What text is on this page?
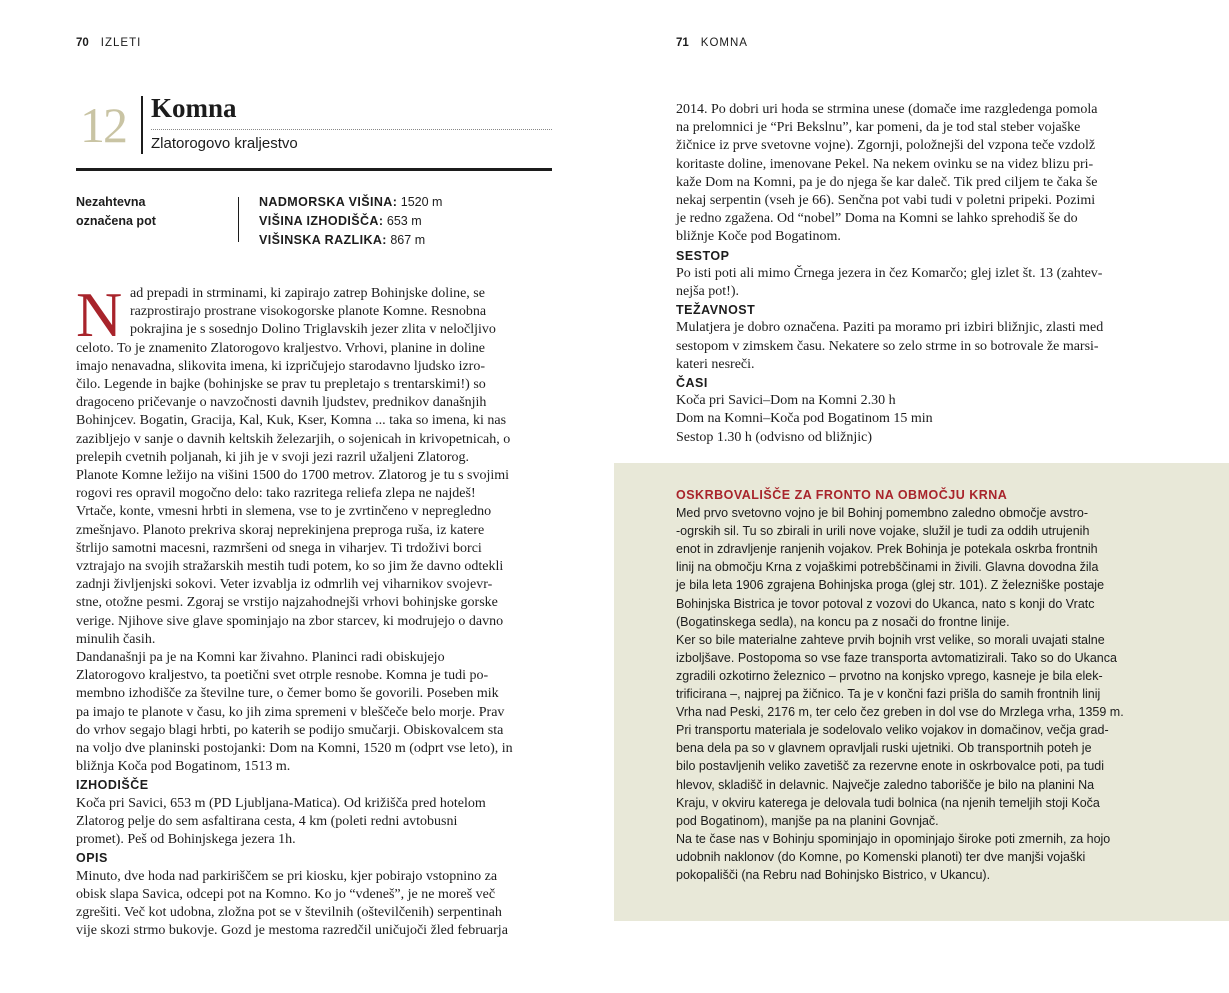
70 IZLETI
12 Komna
Zlatorogovo kraljestvo
Nezahtevna
označena pot
NADMORSKA VIŠINA: 1520 m
VIŠINA IZHODIŠČA: 653 m
VIŠINSKA RAZLIKA: 867 m
N ad prepadi in strminami, ki zapirajo zatrep Bohinjske doline, se

razprostirajo prostrane visokogorske planote Komne. Resnobna

pokrajina je s sosednjo Dolino Triglavskih jezer zlita v neločljivo

celoto. To je znamenito Zlatorogovo kraljestvo. Vrhovi, planine in doline

imajo nenavadna, slikovita imena, ki izpričujejo starodavno ljudsko izro-

čilo. Legende in bajke (bohinjske se prav tu prepletajo s trentarskimi!) so

dragoceno pričevanje o navzočnosti davnih ljudstev, prednikov današnjih

Bohinjcev. Bogatin, Gracija, Kal, Kuk, Kser, Komna ... taka so imena, ki nas

zaziblјejo v sanje o davnih keltskih železarjih, o sojenicah in krivopetnicah, o

prelepih cvetnih poljanah, ki jih je v svoji jezi razril užaljeni Zlatorog.

Planote Komne ležijo na višini 1500 do 1700 metrov. Zlatorog je tu s svojimi

rogovi res opravil mogočno delo: tako razritega reliefa zlepa ne najdeš!

Vrtače, konte, vmesni hrbti in slemena, vse to je zvrtinčeno v nepregledno

zmešnjavo. Planoto prekriva skoraj neprekinjena preproga ruša, iz katere

štrlijo samotni macesni, razmršeni od snega in viharjev. Ti trdoživi borci

vztrajajo na svojih stražarskih mestih tudi potem, ko so jim že davno odtekli

zadnji življenjski sokovi. Veter izvablja iz odmrlih vej viharnikov svojevr-

stne, otožne pesmi. Zgoraj se vrstijo najzahodnejši vrhovi bohinjske gorske

verige. Njihove sive glave spominjajo na zbor starcev, ki modrujejo o davno

minulih časih.

Dandanašnji pa je na Komni kar živahno. Planinci radi obiskujejo

Zlatorogovo kraljestvo, ta poetični svet otrple resnobe. Komna je tudi po-

membno izhodišče za številne ture, o čemer bomo še govorili. Poseben mik

pa imajo te planote v času, ko jih zima spremeni v bleščeče belo morje. Prav

do vrhov segajo blagi hrbti, po katerih se podijo smučarji. Obiskovalcem sta

na voljo dve planinski postojanki: Dom na Komni, 1520 m (odprt vse leto), in

bližnja Koča pod Bogatinom, 1513 m.

IZHODIŠČE

Koča pri Savici, 653 m (PD Ljubljana-Matica). Od križišča pred hotelom

Zlatorog pelje do sem asfaltirana cesta, 4 km (poleti redni avtobusni

promet). Peš od Bohinjskega jezera 1h.

OPIS

Minuto, dve hoda nad parkiriščem se pri kiosku, kjer pobirajo vstopnino za

obisk slapa Savica, odcepi pot na Komno. Ko jo “vdeneš”, je ne moreš več

zgrešiti. Več kot udobna, zložna pot se v številnih (oštevilčenih) serpentinah

vije skozi strmo bukovje. Gozd je mestoma razredčil uničujoči žled februarja

71 KOMNA

2014. Po dobri uri hoda se strmina unese (domače ime razgledenga pomola

na prelomnici je “Pri Bekslnu”, kar pomeni, da je tod stal steber vojaške

žičnice iz prve svetovne vojne). Zgornji, položnejši del vzpona teče vzdolž

koritaste doline, imenovane Pekel. Na nekem ovinku se na videz blizu pri-

kaže Dom na Komni, pa je do njega še kar daleč. Tik pred ciljem te čaka še

nekaj serpentin (vseh je 66). Senčna pot vabi tudi v poletni pripeki. Pozimi

je redno zgažena. Od “nobel” Doma na Komni se lahko sprehodiš še do

bližnje Koče pod Bogatinom.

SESTOP

Po isti poti ali mimo Črnega jezera in čez Komarčo; glej izlet št. 13 (zahtev-

nejša pot!).

TEŽAVNOST

Mulatjera je dobro označena. Paziti pa moramo pri izbiri bližnjic, zlasti med

sestopom v zimskem času. Nekatere so zelo strme in so botrovale že marsi-

kateri nesreči.

ČASI

Koča pri Savici–Dom na Komni 2.30 h

Dom na Komni–Koča pod Bogatinom 15 min

Sestop 1.30 h (odvisno od bližnjic)

OSKRBOVALIŠČE ZA FRONTO NA OBMOČJU KRNA

Med prvo svetovno vojno je bil Bohinj pomembno zaledno območje avstro-

-ogrskih sil. Tu so zbirali in urili nove vojake, služil je tudi za oddih utrujenih

enot in zdravljenje ranjenih vojakov. Prek Bohinja je potekala oskrba frontnih

linij na območju Krna z vojaškimi potrebščinami in živili. Glavna dovodna žila

je bila leta 1906 zgrajena Bohinjska proga (glej str. 101). Z železniške postaje

Bohinjska Bistrica je tovor potoval z vozovi do Ukanca, nato s konji do Vratc

(Bogatinskega sedla), na koncu pa z nosači do frontne linije.

Ker so bile materialne zahteve prvih bojnih vrst velike, so morali uvajati stalne

izboljšave. Postopoma so vse faze transporta avtomatizirali. Tako so do Ukanca

zgradili ozkotirno železnico – prvotno na konjsko vprego, kasneje je bila elek-

trificirana –, najprej pa žičnico. Ta je v končni fazi prišla do samih frontnih linij

Vrha nad Peski, 2176 m, ter celo čez greben in dol vse do Mrzlega vrha, 1359 m.

Pri transportu materiala je sodelovalo veliko vojakov in domačinov, večja grad-

bena dela pa so v glavnem opravljali ruski ujetniki. Ob transportnih poteh je

bilo postavljenih veliko zavetišč za rezervne enote in oskrbovalce poti, pa tudi

hlevov, skladišč in delavnic. Največje zaledno taborišče je bilo na planini Na

Kraju, v okviru katerega je delovala tudi bolnica (na njenih temeljih stoji Koča

pod Bogatinom), manjše pa na planini Govnjač.

Na te čase nas v Bohinju spominjajo in opominjajo široke poti zmernih, za hojo

udobnih naklonov (do Komne, po Komenski planoti) ter dve manjši vojaški

pokopališči (na Rebru nad Bohinjsko Bistrico, v Ukancu).
